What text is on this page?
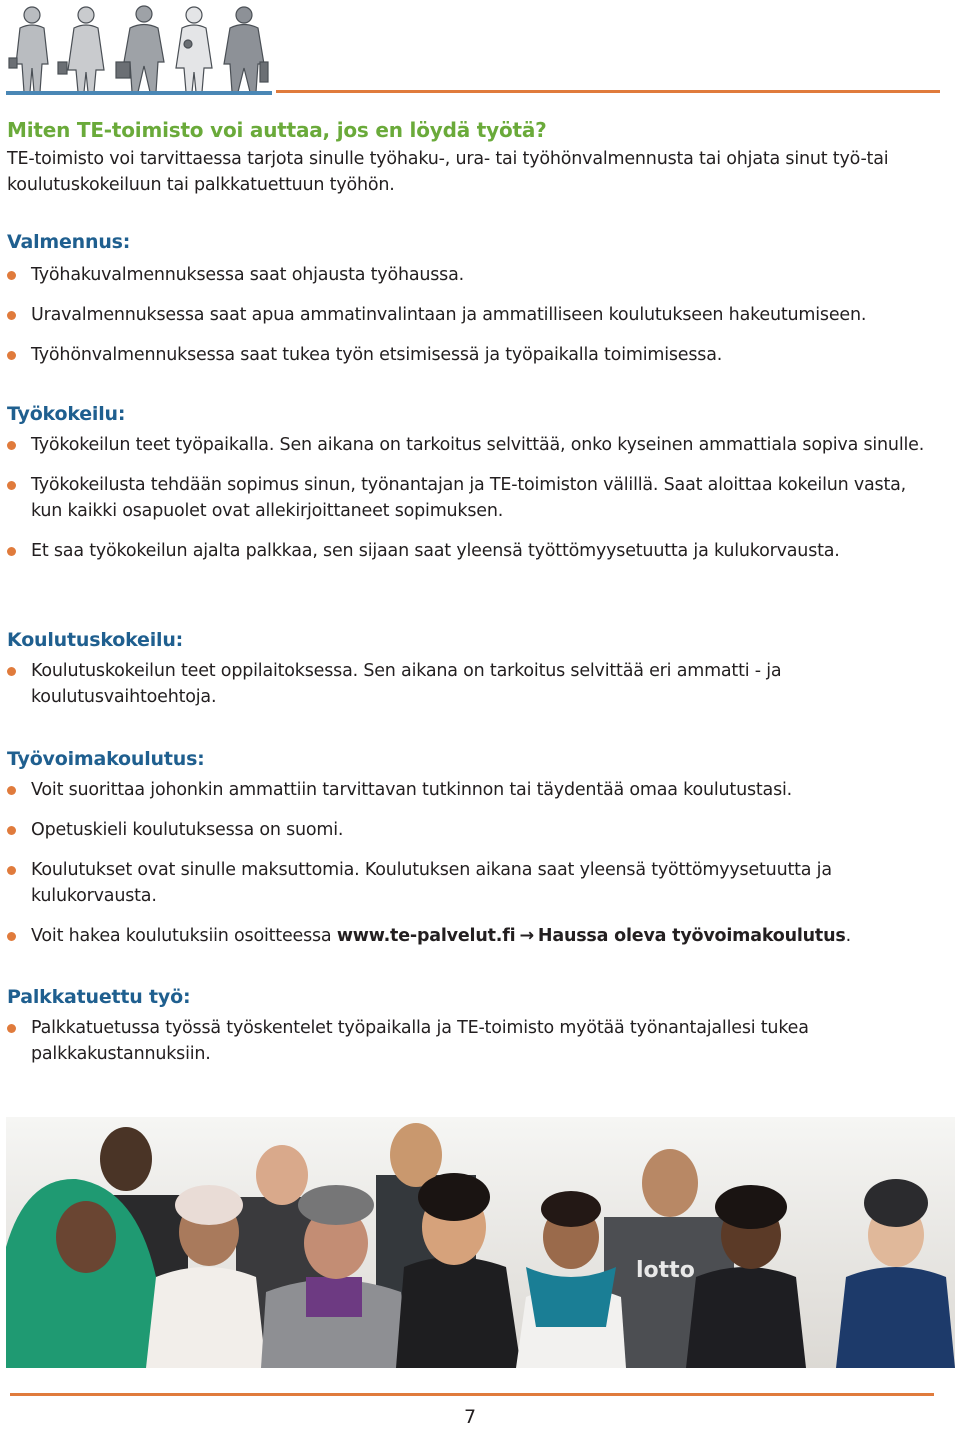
Miten TE-toimisto voi auttaa, jos en löydä työtä?

TE-toimisto voi tarvittaessa tarjota sinulle työhaku-, ura- tai työhönvalmennusta tai ohjata sinut työ-tai koulutuskokeiluun tai palkkatuettuun työhön.

Valmennus:
Työhakuvalmennuksessa saat ohjausta työhaussa.
Uravalmennuksessa saat apua ammatinvalintaan ja ammatilliseen koulutukseen hakeutumiseen.
Työhönvalmennuksessa saat tukea työn etsimisessä ja työpaikalla toimimisessa.
Työkokeilu:
Työkokeilun teet työpaikalla. Sen aikana on tarkoitus selvittää, onko kyseinen ammattiala sopiva sinulle.
Työkokeilusta tehdään sopimus sinun, työnantajan ja TE-toimiston välillä. Saat aloittaa kokeilun vasta, kun kaikki osapuolet ovat allekirjoittaneet sopimuksen.
Et saa työkokeilun ajalta palkkaa, sen sijaan saat yleensä työttömyysetuutta ja kulukorvausta.
Koulutuskokeilu:
Koulutuskokeilun teet oppilaitoksessa. Sen aikana on tarkoitus selvittää eri ammatti - ja koulutusvaihtoehtoja.
Työvoimakoulutus:
Voit suorittaa johonkin ammattiin tarvittavan tutkinnon tai täydentää omaa koulutustasi.
Opetuskieli koulutuksessa on suomi.
Koulutukset ovat sinulle maksuttomia. Koulutuksen aikana saat yleensä työttömyysetuutta ja kulukorvausta.
Voit hakea koulutuksiin osoitteessa www.te-palvelut.fi → Haussa oleva työvoimakoulutus.
Palkkatuettu työ:
Palkkatuetussa työssä työskentelet työpaikalla ja TE-toimisto myötää työnantajallesi tukea palkkakustannuksiin.
lotto
7
